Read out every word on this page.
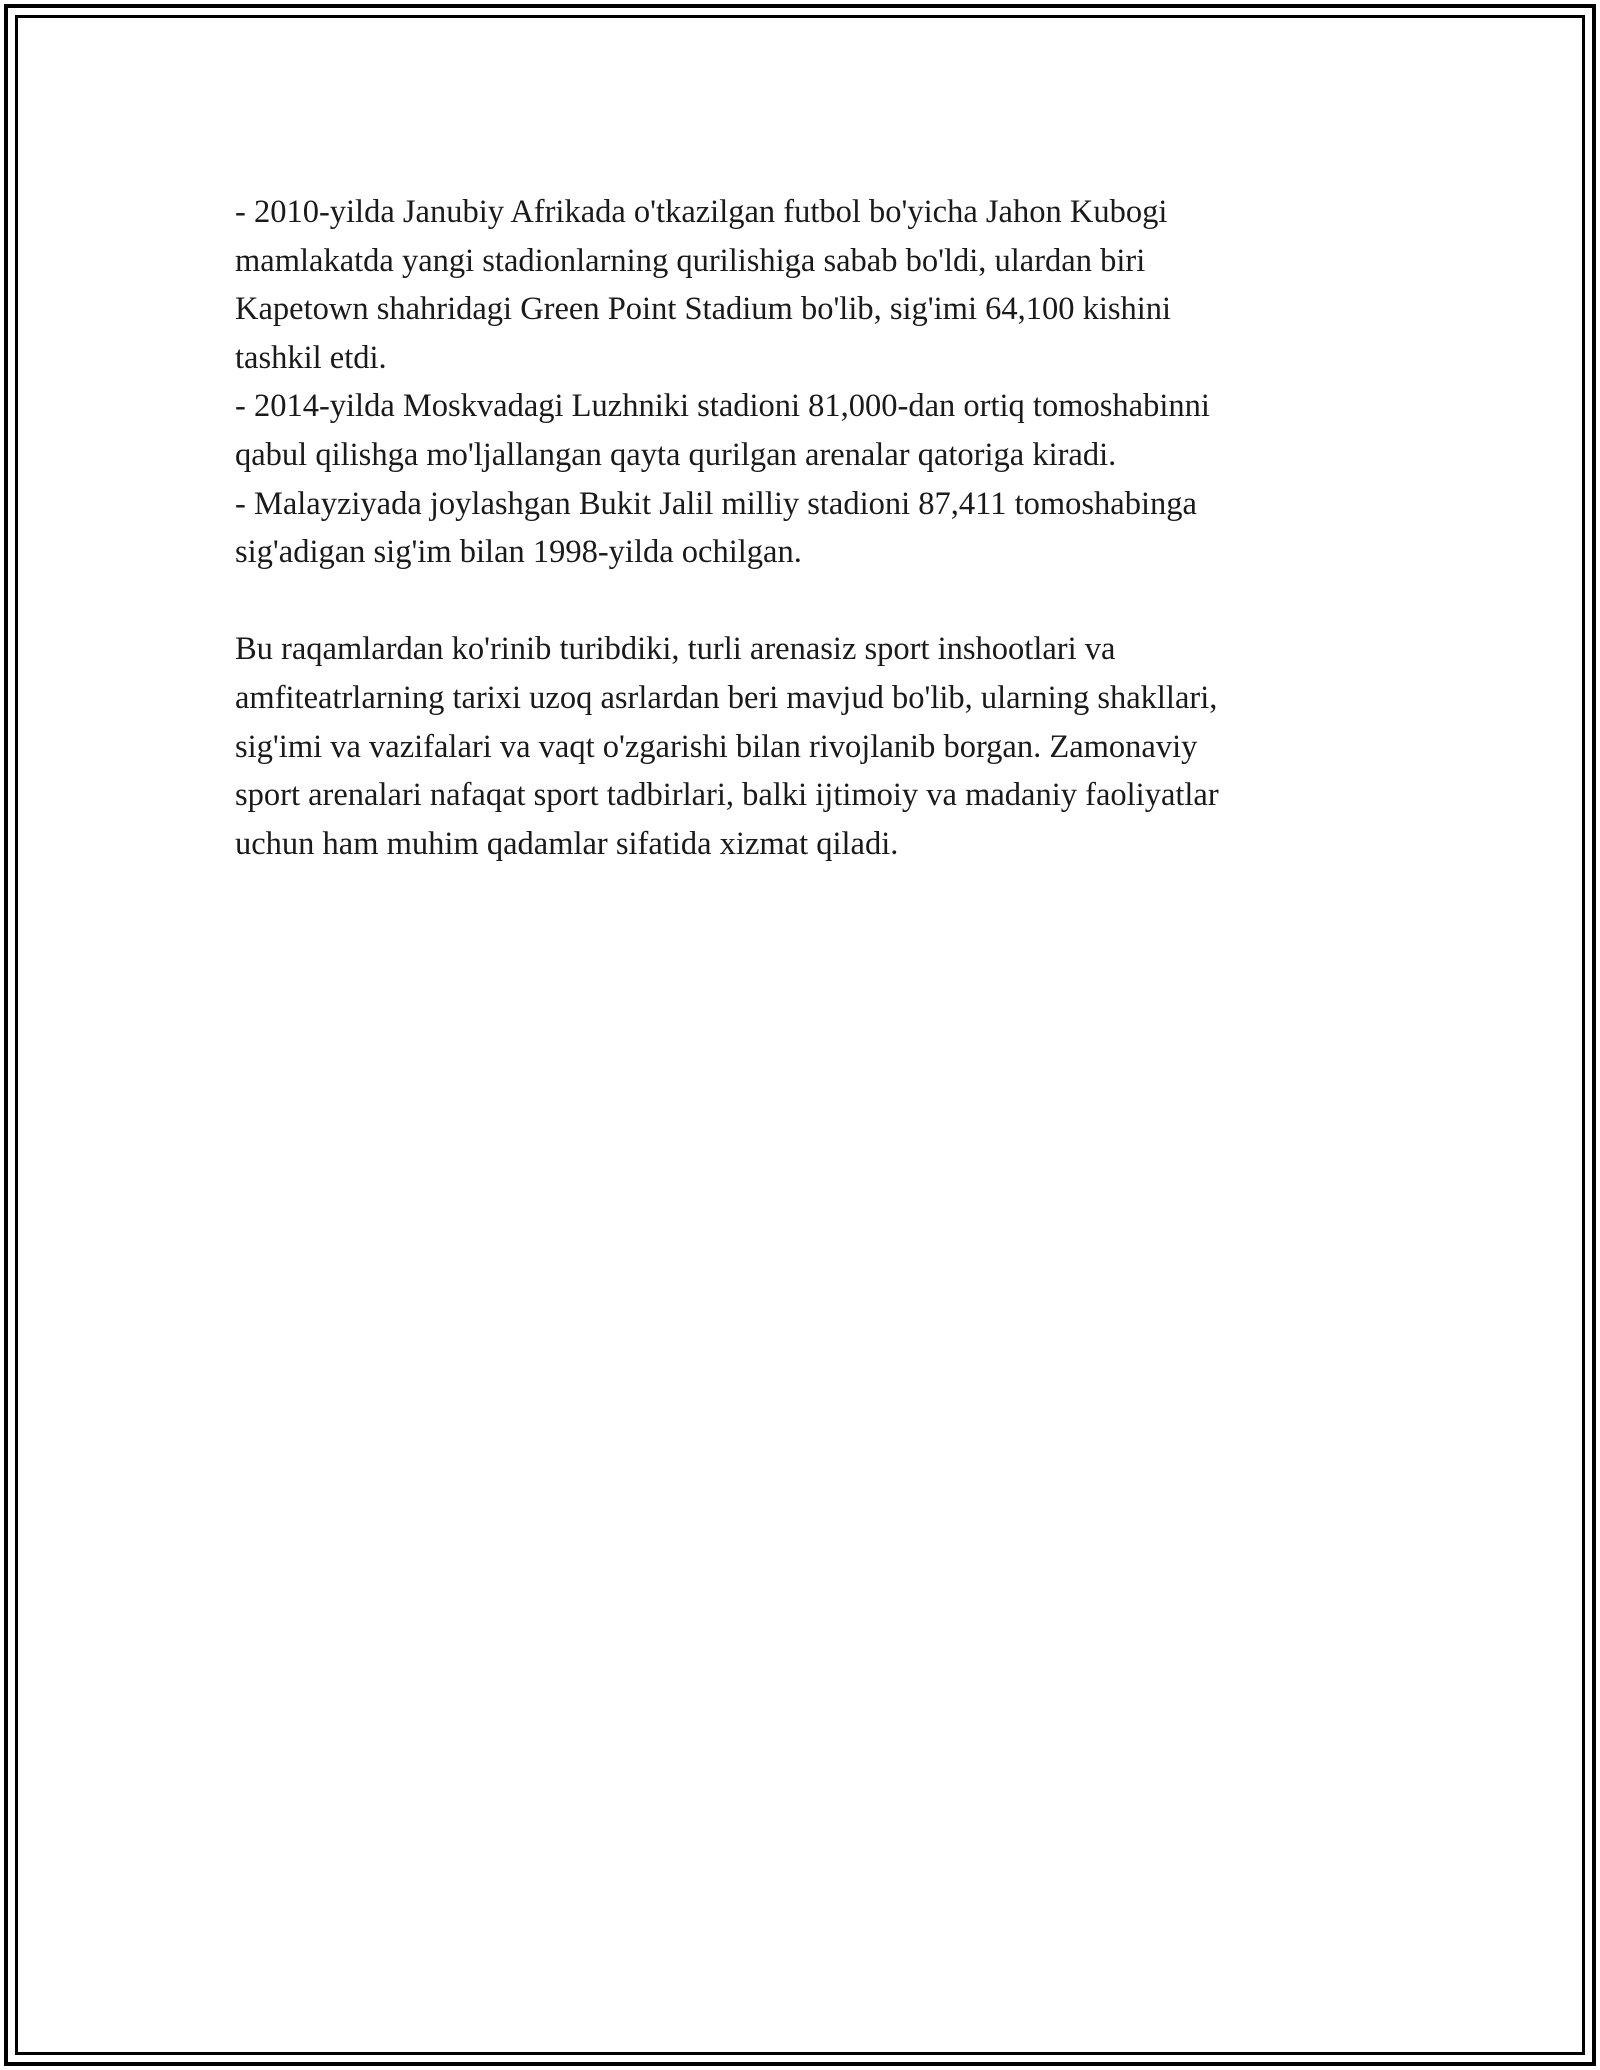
- 2010-yilda Janubiy Afrikada o'tkazilgan futbol bo'yicha Jahon Kubogi

mamlakatda yangi stadionlarning qurilishiga sabab bo'ldi, ulardan biri

Kapetown shahridagi Green Point Stadium bo'lib, sig'imi 64,100 kishini

tashkil etdi.

- 2014-yilda Moskvadagi Luzhniki stadioni 81,000-dan ortiq tomoshabinni

qabul qilishga mo'ljallangan qayta qurilgan arenalar qatoriga kiradi.

- Malayziyada joylashgan Bukit Jalil milliy stadioni 87,411 tomoshabinga

sig'adigan sig'im bilan 1998-yilda ochilgan.

Bu raqamlardan ko'rinib turibdiki, turli arenasiz sport inshootlari va

amfiteatrlarning tarixi uzoq asrlardan beri mavjud bo'lib, ularning shakllari,

sig'imi va vazifalari va vaqt o'zgarishi bilan rivojlanib borgan. Zamonaviy

sport arenalari nafaqat sport tadbirlari, balki ijtimoiy va madaniy faoliyatlar

uchun ham muhim qadamlar sifatida xizmat qiladi.
